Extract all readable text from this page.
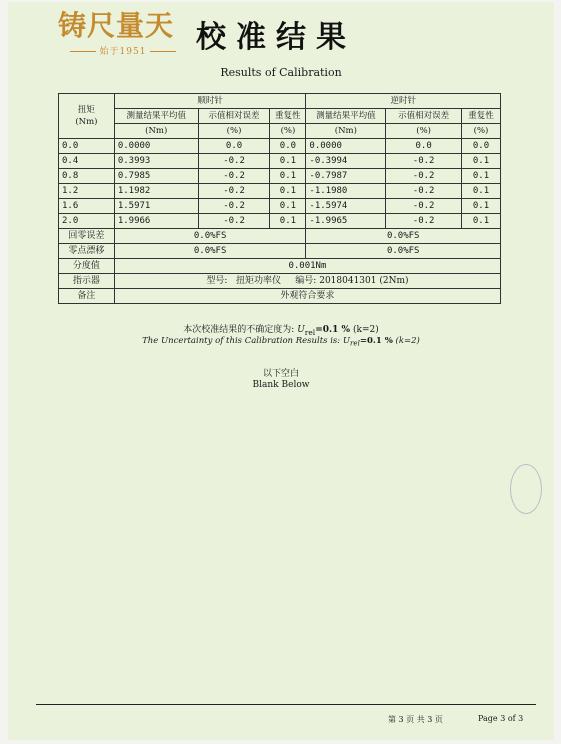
铸尺量天
始于1951	校准结果
Results of Calibration
扭矩
(Nm)	顺时针			逆时针		
	测量结果平均值	示值相对误差	重复性	测量结果平均值	示值相对误差	重复性
	(Nm)	(%)	(%)	(Nm)	(%)	(%)
0.0	0.0000	0.0	0.0	0.0000	0.0	0.0
0.4	0.3993	-0.2	0.1	-0.3994	-0.2	0.1
0.8	0.7985	-0.2	0.1	-0.7987	-0.2	0.1
1.2	1.1982	-0.2	0.1	-1.1980	-0.2	0.1
1.6	1.5971	-0.2	0.1	-1.5974	-0.2	0.1
2.0	1.9966	-0.2	0.1	-1.9965	-0.2	0.1
回零误差	0.0%FS			0.0%FS		
零点漂移	0.0%FS			0.0%FS		
分度值	0.001Nm					
指示器	型号: 扭矩功率仪 编号: 2018041301 (2Nm)					
备注	外观符合要求					
本次校准结果的不确定度为: $U_{rel}=0.1$ % (k=2)
The Uncertainty of this Calibration Results is: $U_{rel}=0.1$ % (k=2)
以下空白
Blank Below
第 3 页 共 3 页	Page 3 of 3
